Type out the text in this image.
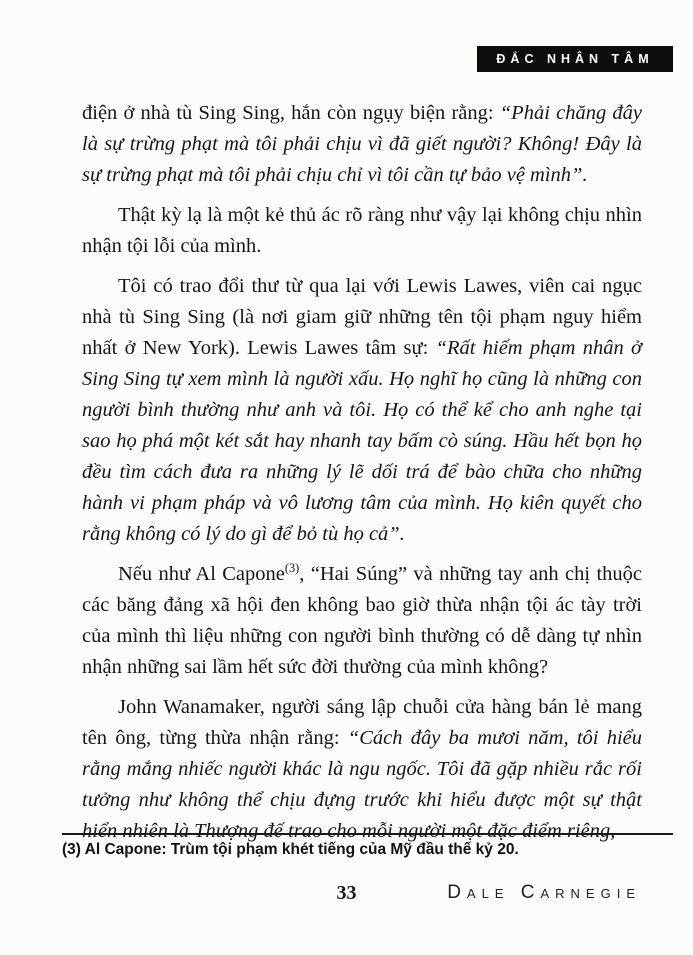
ĐẮC NHÂN TÂM

điện ở nhà tù Sing Sing, hắn còn ngụy biện rằng: “Phải chăng đây là sự trừng phạt mà tôi phải chịu vì đã giết người? Không! Đây là sự trừng phạt mà tôi phải chịu chỉ vì tôi cần tự bảo vệ mình”.

Thật kỳ lạ là một kẻ thủ ác rõ ràng như vậy lại không chịu nhìn nhận tội lỗi của mình.

Tôi có trao đổi thư từ qua lại với Lewis Lawes, viên cai ngục nhà tù Sing Sing (là nơi giam giữ những tên tội phạm nguy hiểm nhất ở New York). Lewis Lawes tâm sự: “Rất hiếm phạm nhân ở Sing Sing tự xem mình là người xấu. Họ nghĩ họ cũng là những con người bình thường như anh và tôi. Họ có thể kể cho anh nghe tại sao họ phá một két sắt hay nhanh tay bấm cò súng. Hầu hết bọn họ đều tìm cách đưa ra những lý lẽ dối trá để bào chữa cho những hành vi phạm pháp và vô lương tâm của mình. Họ kiên quyết cho rằng không có lý do gì để bỏ tù họ cả”.

Nếu như Al Capone$^{(3)}$, “Hai Súng” và những tay anh chị thuộc các băng đảng xã hội đen không bao giờ thừa nhận tội ác tày trời của mình thì liệu những con người bình thường có dễ dàng tự nhìn nhận những sai lầm hết sức đời thường của mình không?

John Wanamaker, người sáng lập chuỗi cửa hàng bán lẻ mang tên ông, từng thừa nhận rằng: “Cách đây ba mươi năm, tôi hiểu rằng mắng nhiếc người khác là ngu ngốc. Tôi đã gặp nhiều rắc rối tưởng như không thể chịu đựng trước khi hiểu được một sự thật hiển nhiên là Thượng đế trao cho mỗi người một đặc điểm riêng,

(3) Al Capone: Trùm tội phạm khét tiếng của Mỹ đầu thế kỷ 20.
33	Dale Carnegie
